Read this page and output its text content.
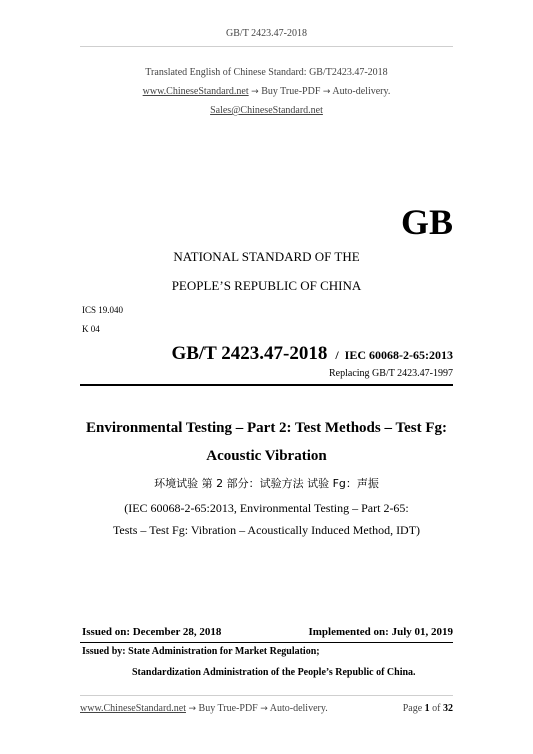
GB/T 2423.47-2018
Translated English of Chinese Standard: GB/T2423.47-2018
www.ChineseStandard.net → Buy True-PDF → Auto-delivery.
Sales@ChineseStandard.net
GB
NATIONAL STANDARD OF THE
PEOPLE’S REPUBLIC OF CHINA
ICS 19.040
K 04
GB/T 2423.47-2018 / IEC 60068-2-65:2013
Replacing GB/T 2423.47-1997
Environmental Testing – Part 2: Test Methods – Test Fg:
Acoustic Vibration
环境试验 第 2 部分：试验方法 试验 Fg：声振
(IEC 60068-2-65:2013, Environmental Testing – Part 2-65:
Tests – Test Fg: Vibration – Acoustically Induced Method, IDT)
Issued on: December 28, 2018	Implemented on: July 01, 2019
Issued by: State Administration for Market Regulation;
Standardization Administration of the People’s Republic of China.
www.ChineseStandard.net → Buy True-PDF → Auto-delivery.	Page 1 of 32
